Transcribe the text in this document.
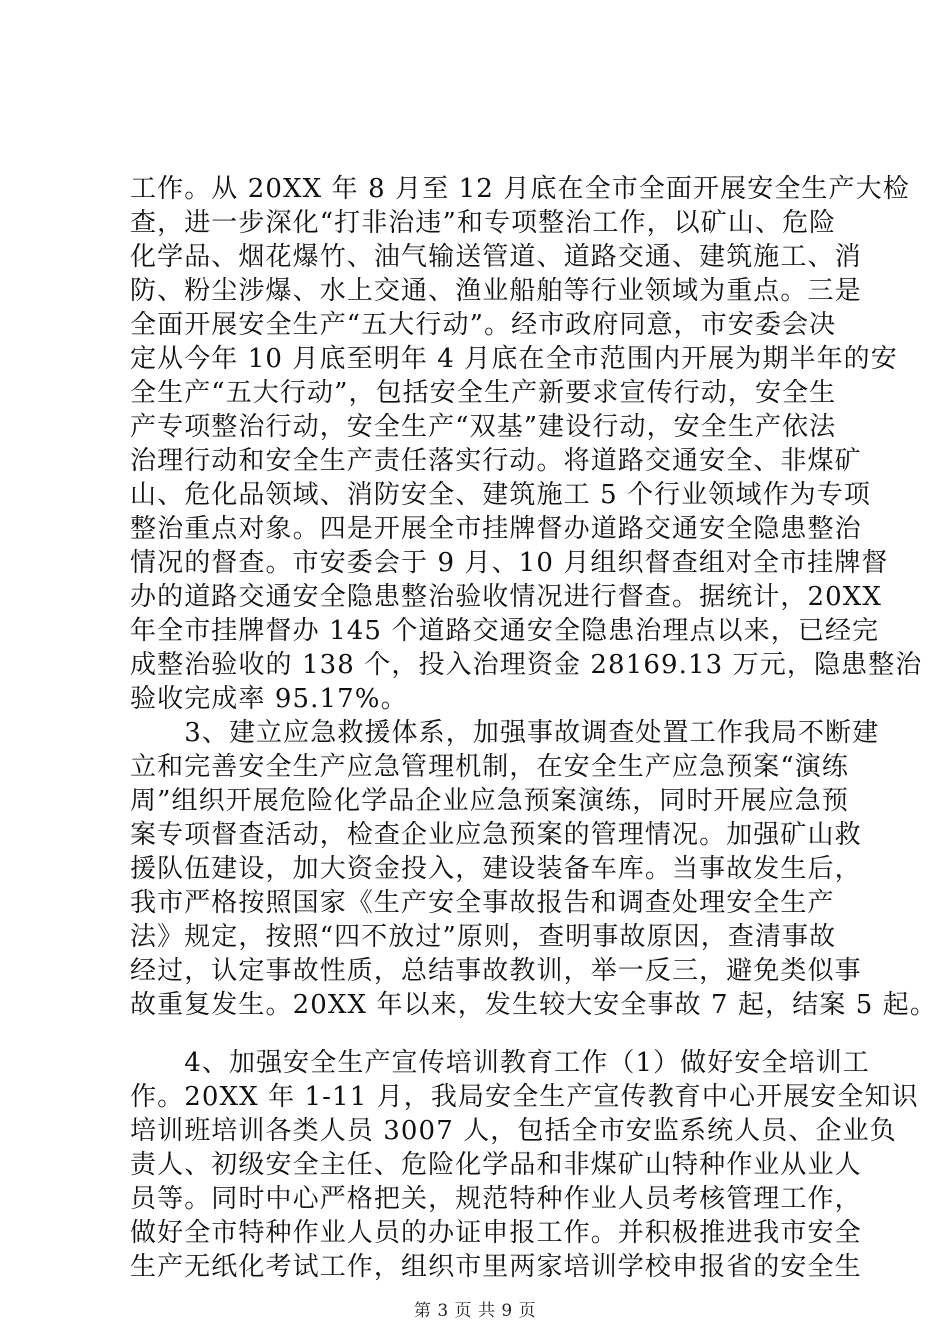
工作。从 20XX 年 8 月至 12 月底在全市全面开展安全生产大检
查，进一步深化“打非治违”和专项整治工作，以矿山、危险
化学品、烟花爆竹、油气输送管道、道路交通、建筑施工、消
防、粉尘涉爆、水上交通、渔业船舶等行业领域为重点。三是
全面开展安全生产“五大行动”。经市政府同意，市安委会决
定从今年 10 月底至明年 4 月底在全市范围内开展为期半年的安
全生产“五大行动”，包括安全生产新要求宣传行动，安全生
产专项整治行动，安全生产“双基”建设行动，安全生产依法
治理行动和安全生产责任落实行动。将道路交通安全、非煤矿
山、危化品领域、消防安全、建筑施工 5 个行业领域作为专项
整治重点对象。四是开展全市挂牌督办道路交通安全隐患整治
情况的督查。市安委会于 9 月、10 月组织督查组对全市挂牌督
办的道路交通安全隐患整治验收情况进行督查。据统计，20XX
年全市挂牌督办 145 个道路交通安全隐患治理点以来，已经完
成整治验收的 138 个，投入治理资金 28169.13 万元，隐患整治
验收完成率 95.17%。
　　3、建立应急救援体系，加强事故调查处置工作我局不断建
立和完善安全生产应急管理机制，在安全生产应急预案“演练
周”组织开展危险化学品企业应急预案演练，同时开展应急预
案专项督查活动，检查企业应急预案的管理情况。加强矿山救
援队伍建设，加大资金投入，建设装备车库。当事故发生后，
我市严格按照国家《生产安全事故报告和调查处理安全生产
法》规定，按照“四不放过”原则，查明事故原因，查清事故
经过，认定事故性质，总结事故教训，举一反三，避免类似事
故重复发生。20XX 年以来，发生较大安全事故 7 起，结案 5 起。
　　4、加强安全生产宣传培训教育工作（1）做好安全培训工
作。20XX 年 1-11 月，我局安全生产宣传教育中心开展安全知识
培训班培训各类人员 3007 人，包括全市安监系统人员、企业负
责人、初级安全主任、危险化学品和非煤矿山特种作业从业人
员等。同时中心严格把关，规范特种作业人员考核管理工作，
做好全市特种作业人员的办证申报工作。并积极推进我市安全
生产无纸化考试工作，组织市里两家培训学校申报省的安全生
第 3 页 共 9 页
